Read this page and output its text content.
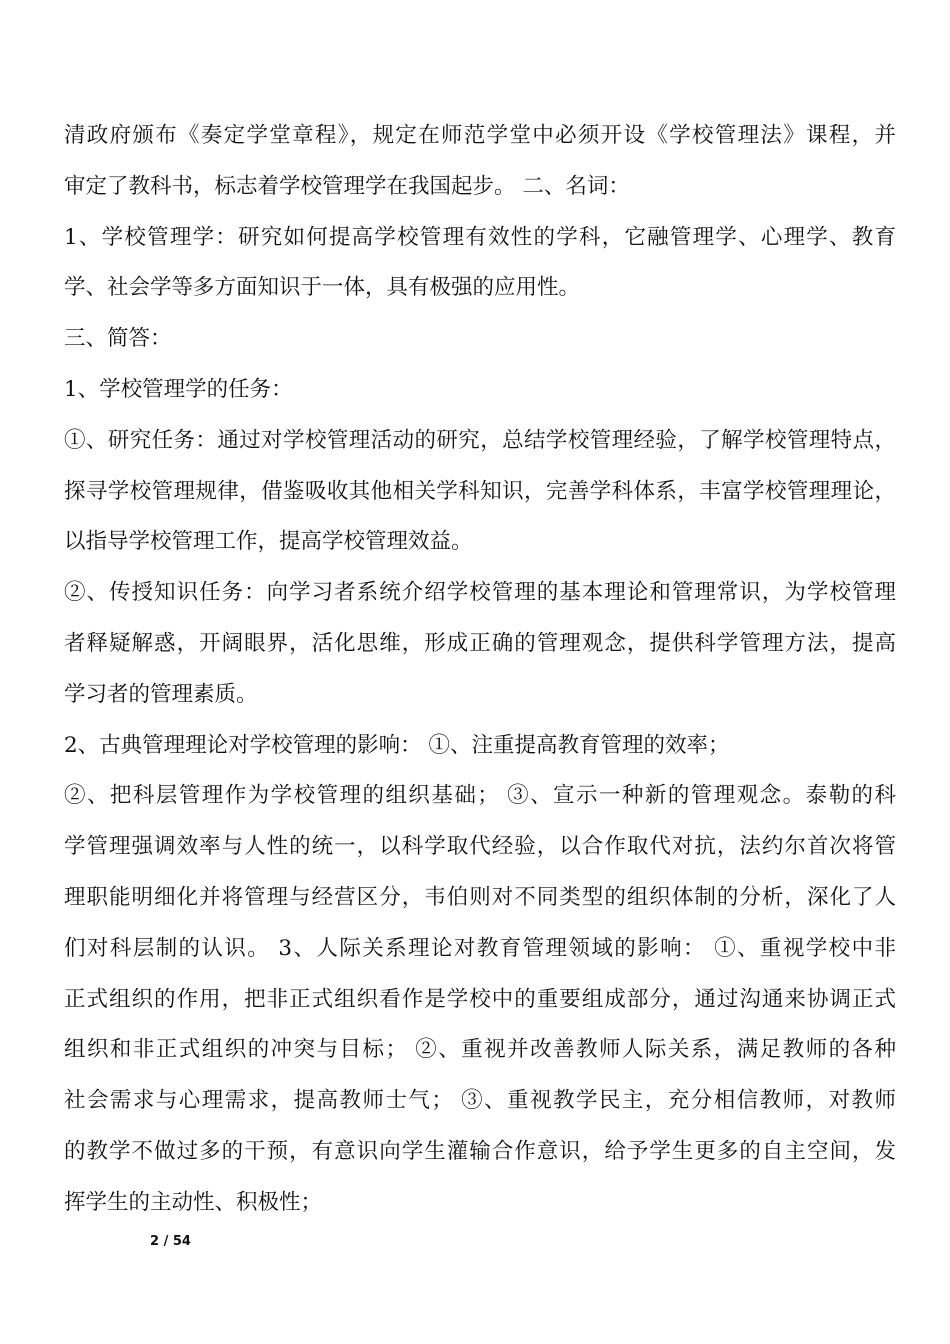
清政府颁布《奏定学堂章程》，规定在师范学堂中必须开设《学校管理法》课程，并
审定了教科书，标志着学校管理学在我国起步。 二、名词：
1、学校管理学：研究如何提高学校管理有效性的学科，它融管理学、心理学、教育
学、社会学等多方面知识于一体，具有极强的应用性。
三、简答：
1、学校管理学的任务：
①、研究任务：通过对学校管理活动的研究，总结学校管理经验，了解学校管理特点，
探寻学校管理规律，借鉴吸收其他相关学科知识，完善学科体系，丰富学校管理理论，
以指导学校管理工作，提高学校管理效益。
②、传授知识任务：向学习者系统介绍学校管理的基本理论和管理常识，为学校管理
者释疑解惑，开阔眼界，活化思维，形成正确的管理观念，提供科学管理方法，提高
学习者的管理素质。
2、古典管理理论对学校管理的影响： ①、注重提高教育管理的效率；
②、把科层管理作为学校管理的组织基础； ③、宣示一种新的管理观念。泰勒的科
学管理强调效率与人性的统一，以科学取代经验，以合作取代对抗，法约尔首次将管
理职能明细化并将管理与经营区分，韦伯则对不同类型的组织体制的分析，深化了人
们对科层制的认识。 3、人际关系理论对教育管理领域的影响： ①、重视学校中非
正式组织的作用，把非正式组织看作是学校中的重要组成部分，通过沟通来协调正式
组织和非正式组织的冲突与目标； ②、重视并改善教师人际关系，满足教师的各种
社会需求与心理需求，提高教师士气； ③、重视教学民主，充分相信教师，对教师
的教学不做过多的干预，有意识向学生灌输合作意识，给予学生更多的自主空间，发
挥学生的主动性、积极性；
2 / 54
